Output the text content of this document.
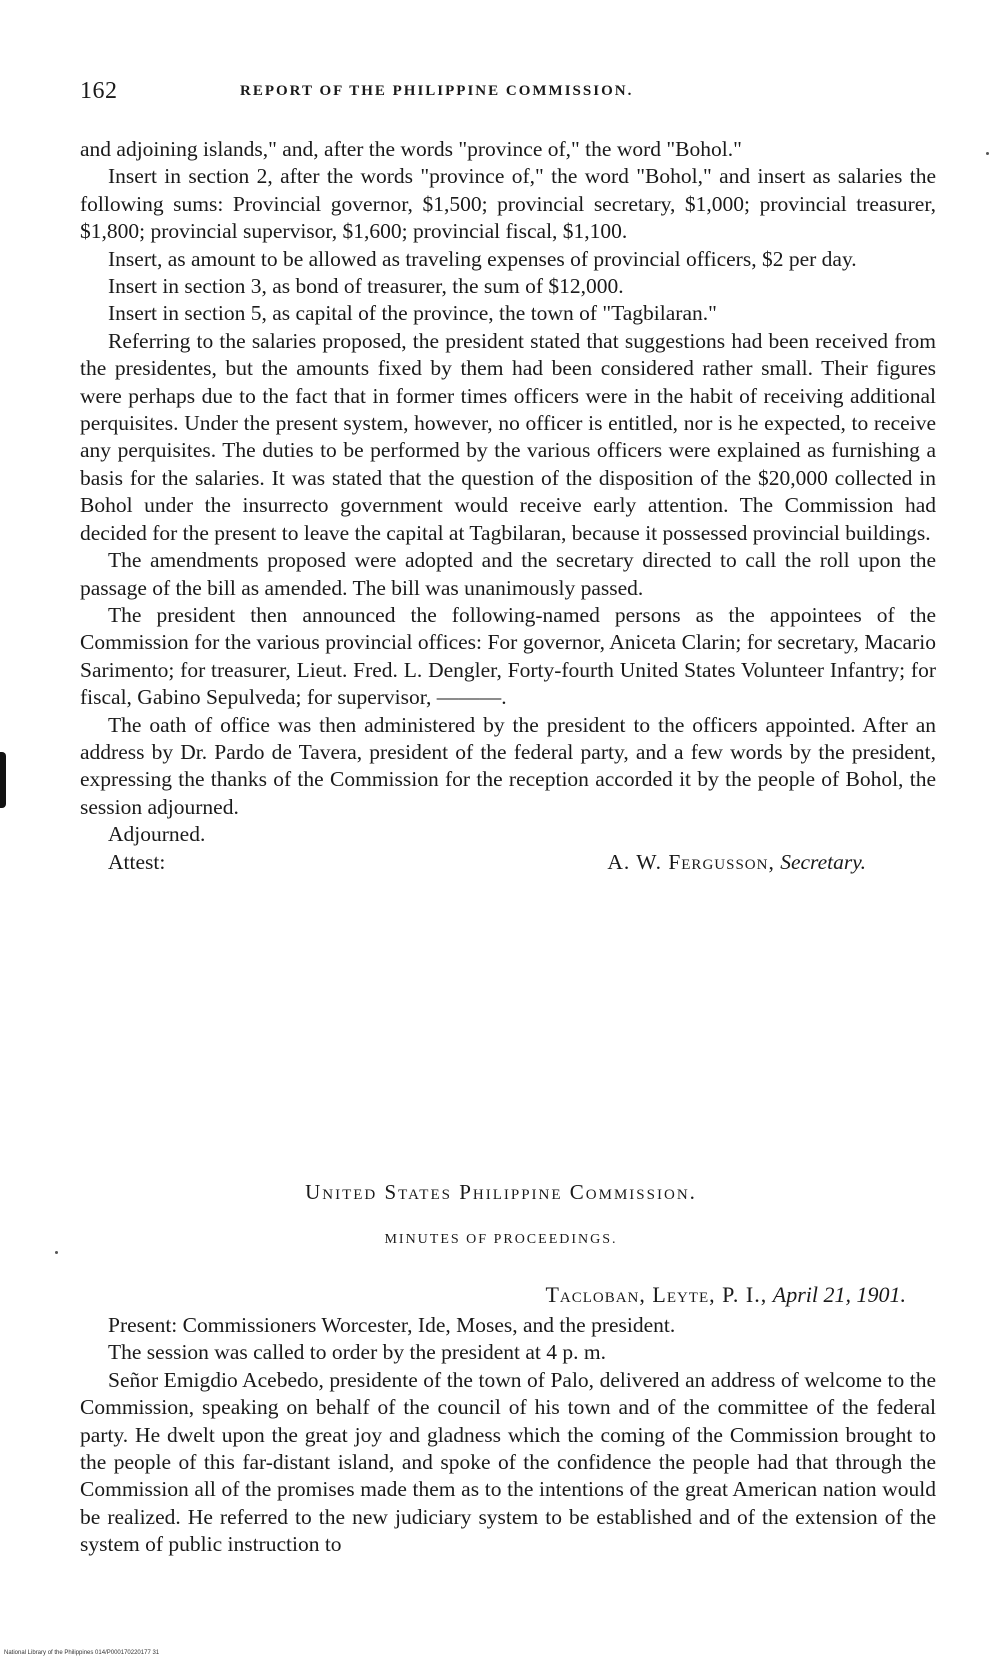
162	REPORT OF THE PHILIPPINE COMMISSION.

and adjoining islands," and, after the words "province of," the word "Bohol."

Insert in section 2, after the words "province of," the word "Bohol," and insert as salaries the following sums: Provincial governor, $1,500; provincial secretary, $1,000; provincial treasurer, $1,800; provincial supervisor, $1,600; provincial fiscal, $1,100.

Insert, as amount to be allowed as traveling expenses of provincial officers, $2 per day.

Insert in section 3, as bond of treasurer, the sum of $12,000.

Insert in section 5, as capital of the province, the town of "Tagbilaran."

Referring to the salaries proposed, the president stated that suggestions had been received from the presidentes, but the amounts fixed by them had been considered rather small. Their figures were perhaps due to the fact that in former times officers were in the habit of receiving additional perquisites. Under the present system, however, no officer is entitled, nor is he expected, to receive any perquisites. The duties to be performed by the various officers were explained as furnishing a basis for the salaries. It was stated that the question of the disposition of the $20,000 collected in Bohol under the insurrecto government would receive early attention. The Commission had decided for the present to leave the capital at Tagbilaran, because it possessed provincial buildings.

The amendments proposed were adopted and the secretary directed to call the roll upon the passage of the bill as amended. The bill was unanimously passed.

The president then announced the following-named persons as the appointees of the Commission for the various provincial offices: For governor, Aniceta Clarin; for secretary, Macario Sarimento; for treasurer, Lieut. Fred. L. Dengler, Forty-fourth United States Volunteer Infantry; for fiscal, Gabino Sepulveda; for supervisor, ———.

The oath of office was then administered by the president to the officers appointed. After an address by Dr. Pardo de Tavera, president of the federal party, and a few words by the president, expressing the thanks of the Commission for the reception accorded it by the people of Bohol, the session adjourned.

Adjourned.

Attest:	A. W. Fergusson, Secretary.
United States Philippine Commission.
MINUTES OF PROCEEDINGS.
Tacloban, Leyte, P. I., April 21, 1901.

Present: Commissioners Worcester, Ide, Moses, and the president.

The session was called to order by the president at 4 p. m.

Señor Emigdio Acebedo, presidente of the town of Palo, delivered an address of welcome to the Commission, speaking on behalf of the council of his town and of the committee of the federal party. He dwelt upon the great joy and gladness which the coming of the Commission brought to the people of this far-distant island, and spoke of the confidence the people had that through the Commission all of the promises made them as to the intentions of the great American nation would be realized. He referred to the new judiciary system to be established and of the extension of the system of public instruction to

National Library of the Philippines 014/P000170220177 31
